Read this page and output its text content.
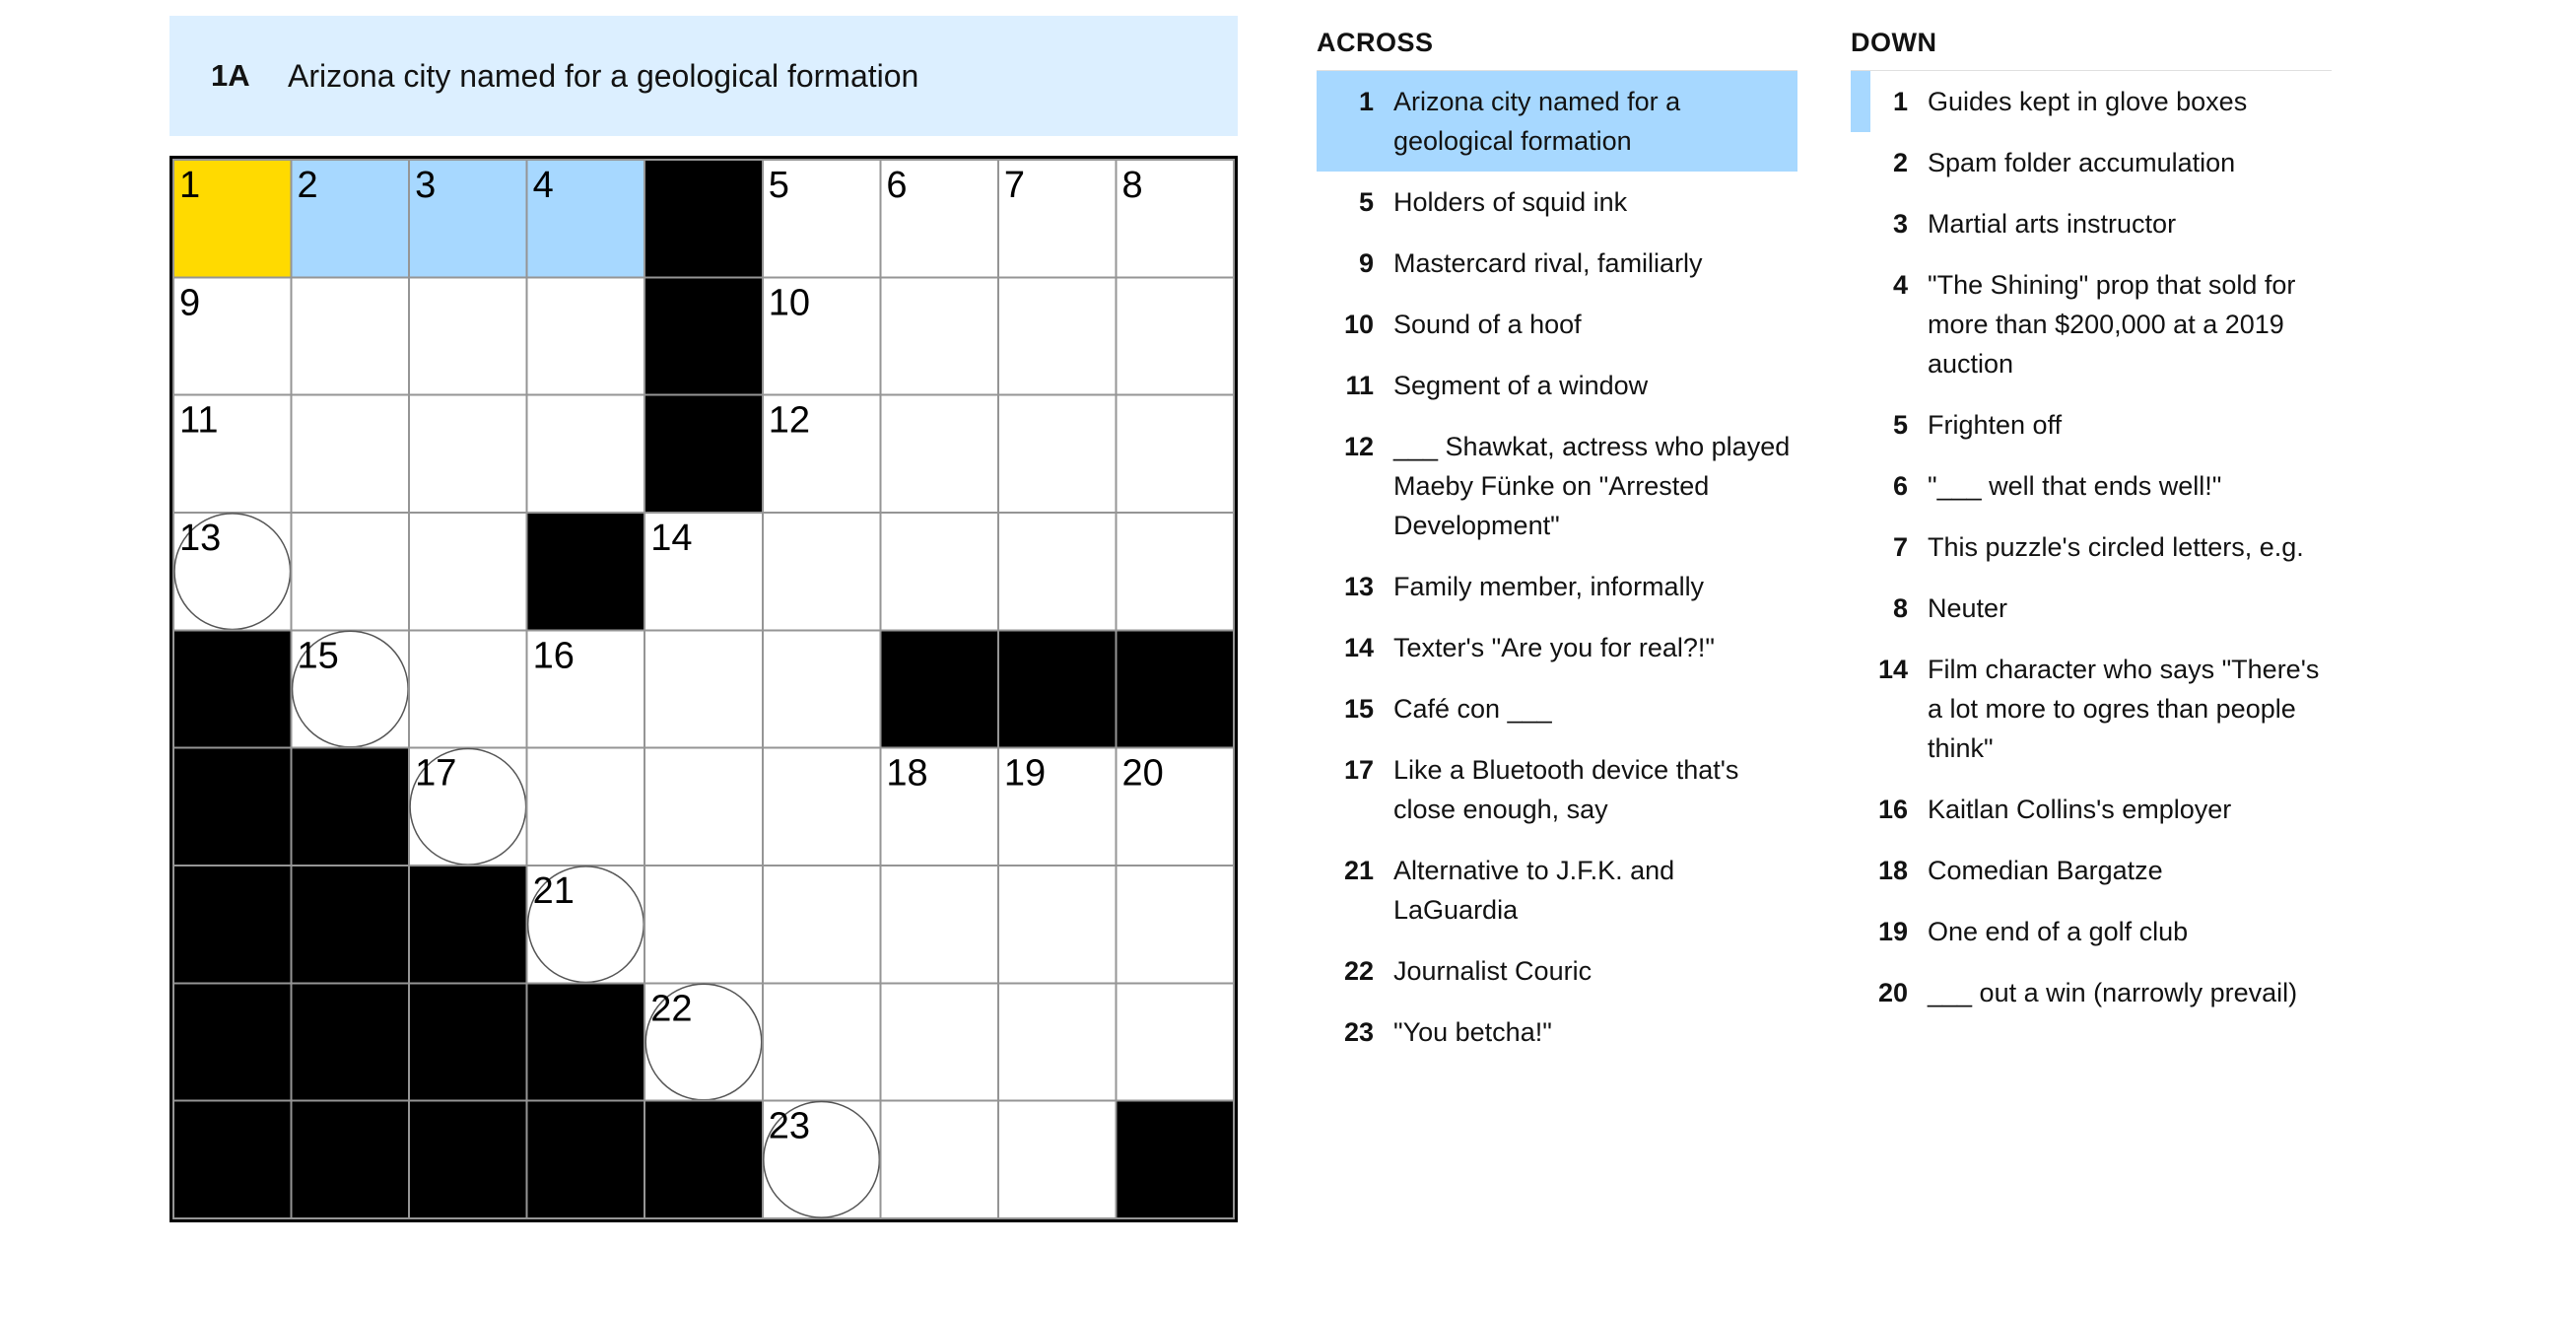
1A	Arizona city named for a geological formation
1	2	3	4	5	6	7	8
9	10
11	12
13	14
15	16
17	18 19 20
21
22
23
ACROSS
1 Arizona city named for a geological formation
5 Holders of squid ink
9 Mastercard rival, familiarly
10 Sound of a hoof
11 Segment of a window
12 ___ Shawkat, actress who played Maeby Fünke on "Arrested Development"
13 Family member, informally
14 Texter's "Are you for real?!"
15 Café con ___
17 Like a Bluetooth device that's close enough, say
21 Alternative to J.F.K. and LaGuardia
22 Journalist Couric
23 "You betcha!"
DOWN
1 Guides kept in glove boxes
2 Spam folder accumulation
3 Martial arts instructor
4 "The Shining" prop that sold for more than $200,000 at a 2019 auction
5 Frighten off
6 "___ well that ends well!"
7 This puzzle's circled letters, e.g.
8 Neuter
14 Film character who says "There's a lot more to ogres than people think"
16 Kaitlan Collins's employer
18 Comedian Bargatze
19 One end of a golf club
20 ___ out a win (narrowly prevail)
